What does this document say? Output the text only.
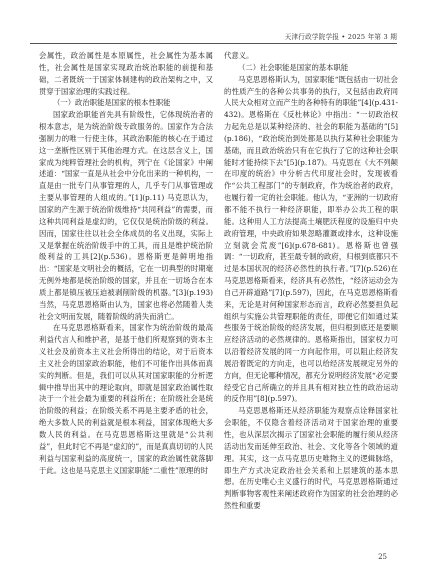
天津行政学院学报 • 2025 年第 3 期

会属性，政治属性是本原属性，社会属性为基本属性，社会属性是国家实现政治统治职能的前提和基础，二者既统一于国家体制建构的政治架构之中，又贯穿于国家治理的实践过程。

（一）政治职能是国家的根本性职能

国家政治职能首先具有阶级性，它体现统治者的根本意志，是为统治阶级专政服务的。国家作为合法强制力的唯一行使主体，其政治职能的核心在于通过这一垄断性区别于其他治理方式。在这层含义上，国家成为纯粹管理社会的机构，列宁在《论国家》中阐述道：“国家一直是从社会中分化出来的一种机构，一直是由一批专门从事管理的人，几乎专门从事管理或主要从事管理的人组成的。”[1](p.11) 马克思认为，国家的产生源于统治阶级维持“共同利益”的需要，而这种共同利益是虚幻的，它仅仅是统治阶级的利益。因而，国家往往以社会全体成员的名义出现，实际上又是掌握在统治阶级手中的工具，而且是维护统治阶级利益的工具[2](p.536)。恩格斯更是鲜明地指出：“国家是文明社会的概括，它在一切典型的时期毫无例外地都是统治阶级的国家，并且在一切场合在本质上都是镇压被压迫被剥削阶级的机器。”[3](p.193)当然，马克思恩格斯由认为，国家也将必然随着人类社会文明而发展，随着阶级的消失而消亡。

在马克思恩格斯看来，国家作为统治阶级的最高利益代言人和维护者，是基于他们所观察到的资本主义社会及前资本主义社会所得出的结论，对于后资本主义社会的国家政治职能，他们不可能作出具体而真实的判断。但是，我们可以从其对国家职能的分析逻辑中推导出其中的理论取向，即就是国家政治属性取决于一个社会最为重要的利益所在；在阶级社会是统治阶级的利益；在阶级关系不再是主要矛盾的社会，绝大多数人民的利益就是根本利益，国家体现绝大多数人民的利益。在马克思恩格斯这里就是“公共利益”，但此时它不再是“虚幻的”，而是真真切切的人民利益与国家利益的高度统一，国家的政治属性就落脚于此。这也是马克思主义国家职能“二重性”原理的时

代意义。

（二）社会职能是国家的基本职能

马克思恩格斯认为，国家职能“既包括由一切社会的性质产生的各种公共事务的执行，又包括由政府同人民大众相对立而产生的各种特有的职能”[4](p.431-432)。恩格斯在《反杜林论》中指出：“一切政治权力起先总是以某种经济的、社会的职能为基础的”[5](p.186)，“政治统治到处都是以执行某种社会职能为基础，而且政治统治只有在它执行了它的这种社会职能时才能持续下去”[5](p.187)。马克思在《大不列颠在印度的统治》中分析古代印度社会时，发现被看作“公共工程部门”的专制政府，作为统治者的政府，也履行着一定的社会职能。他认为，“亚洲的一切政府都不能不执行一种经济职能，即举办公共工程的职能。这种用人工方法提高土壤肥沃程度的设施归中央政府管理，中央政府如果忽略灌溉或排水，这种设施立刻就会荒废”[6](p.678-681)。恩格斯也曾强调：“一切政府，甚至最专制的政府，归根到底都只不过是本国状况的经济必然性的执行者。”[7](p.526)在马克思恩格斯看来，经济具有必然性，“经济运动会为自己开辟道路”[7](p.597)，因此，在马克思恩格斯看来，无论是对何种国家形态而言，政府必然要担负起组织与实施公共管理职能的责任，即便它们如通过某些服务于统治阶级的经济发展，但归根到底还是要顺应经济活动的必然规律的。恩格斯指出，国家权力可以沿着经济发展的同一方向起作用，可以阻止经济发展沿着既定的方向走，也可以给经济发展规定另外的方向，但无论哪种情况，都充分说明经济发展“必定要经受它自己所确立的并且具有相对独立性的政治运动的反作用”[8](p.597)。

马克思恩格斯还从经济职能为观察点诠释国家社会职能，不仅隐含着经济活动对于国家治理的重要性，也从深层次揭示了国家社会职能的履行须从经济活动出发而延伸至政治、社会、文化等各个领域的道理。其实，这一点马克思历史唯物主义的逻辑脉络，即生产方式决定政治社会关系和上层建筑的基本思想。在历史唯心主义盛行的时代，马克思恩格斯通过判断事物客观性来阐述政府作为国家的社会治理的必然性和重要

25
